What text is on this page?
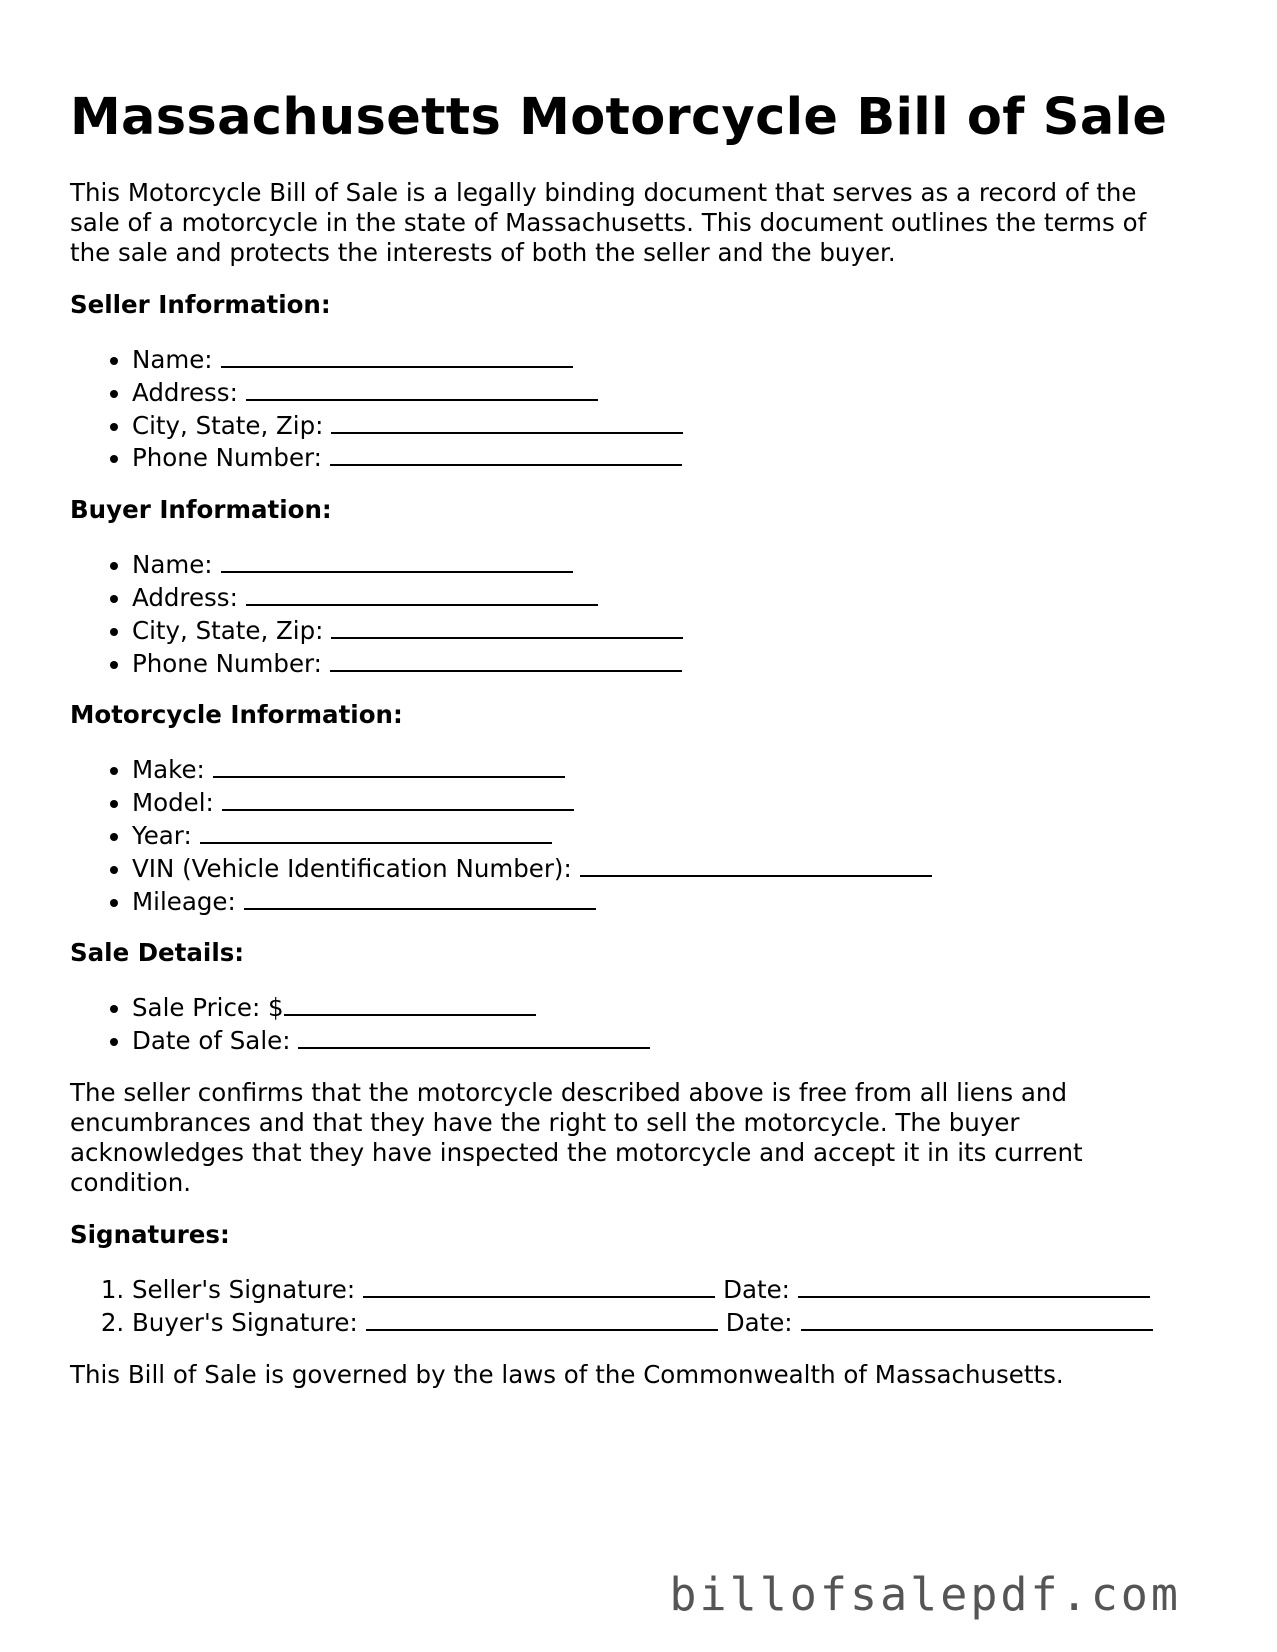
Massachusetts Motorcycle Bill of Sale

This Motorcycle Bill of Sale is a legally binding document that serves as a record of the sale of a motorcycle in the state of Massachusetts. This document outlines the terms of the sale and protects the interests of both the seller and the buyer.

Seller Information:
• Name:
• Address:
• City, State, Zip:
• Phone Number:
Buyer Information:
• Name:
• Address:
• City, State, Zip:
• Phone Number:
Motorcycle Information:
• Make:
• Model:
• Year:
• VIN (Vehicle Identification Number):
• Mileage:
Sale Details:
• Sale Price: $
• Date of Sale:

The seller confirms that the motorcycle described above is free from all liens and encumbrances and that they have the right to sell the motorcycle. The buyer acknowledges that they have inspected the motorcycle and accept it in its current condition.

Signatures:
1. Seller's Signature:	Date:
2. Buyer's Signature:	Date:

This Bill of Sale is governed by the laws of the Commonwealth of Massachusetts.

billofsalepdf.com
